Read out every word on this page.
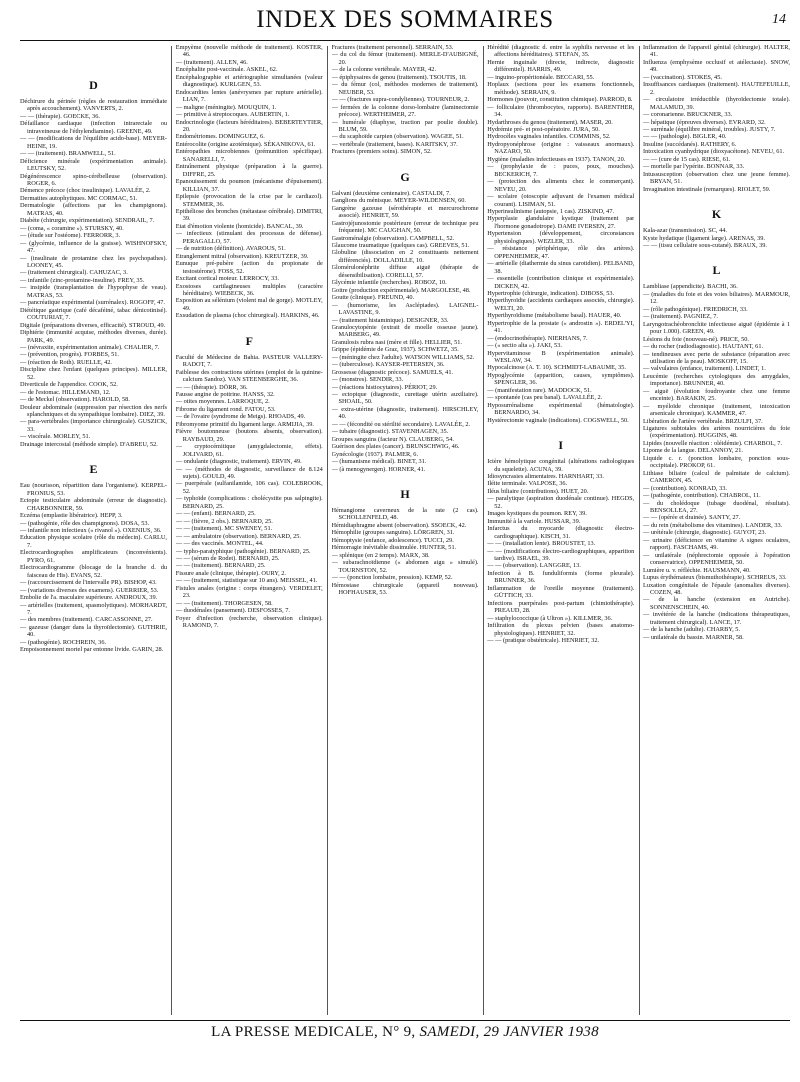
INDEX DES SOMMAIRES	14
D

Déchirure du périnée (règles de restauration immédiate après accouchement). VANVERTS, 2.

— — (thérapie). GOECKE, 36.

Défaillance cardiaque (infection intrarectale ou intraveineuse de l'éthylendiamine). GREENE, 49.

— — (modifications de l'équilibre acido-base). MEYER-HEINE, 19.

— — (traitement). BRAMWELL, 51.

Déficience minérale (expérimentation animale). LEUTSKY, 52.

Dégénérescence spino-cérébelleuse (observation). ROGER, 6.

Démence précoce (choc insulinique). LAVALÉE, 2.

Dermatites autophytiques. MC CORMAC, 51.

Dermatologie (affections par les champignons). MATRAS, 40.

Diabète (chirurgie, expérimentation). SENDRAIL, 7.

— (coma, « coramine »). STURSKY, 40.

— (étude sur l'ostéome). FERRORR, 3.

— (glycémie, influence de la graisse). WISHNOFSKY, 47.

— (insulinate de protamine chez les psychopathes). LOONEY, 45.

— (traitement chirurgical). CAHUZAC, 3.

— infantile (zinc-protamine-insuline). FREY, 35.

— insipide (transplantation de l'hypophyse de veau). MATRAS, 53.

— pancréatique expérimental (surrénalex). ROGOFF, 47.

Diététique gastrique (café décaféiné, tabac dénicotinisé). COUTURIAT, 7.

Digitale (préparations diverses, efficacité). STROUD, 49.

Diphtérie (immunité acquise, méthodes diverses, durée). PARK, 49.

— (névraxite, expérimentation animale). CHALIER, 7.

— (prévention, progrès). FORBES, 51.

— (réaction de Roth). RUELLE, 42.

Discipline chez l'enfant (quelques principes). MILLER, 52.

Diverticule de l'appendice. COOK, 52.

— de l'estomac. HILLEMAND, 12.

— de Meckel (observation). HAROLD, 58.

Douleur abdominale (suppression par résection des nerfs splanchniques et du sympathique lombaire). DIEZ, 39.

— para-vertébrales (importance chirurgicale). GUSZICK, 33.

— viscérale. MORLEY, 51.

Drainage intercostal (méthode simple). D'ABREU, 52.

E

Eau (nourisson, répartition dans l'organisme). KERPEL-FRONIUS, 53.

Ectopie testiculaire abdominale (erreur de diagnostic). CHARBONNIER, 59.

Eczéma (emplastie libératrice). HEPP, 3.

— (pathogénie, rôle des champignons). DOSA, 53.

— infantile non infectieux (« rivanol »). OXENIUS, 36.

Education physique scolaire (rôle du médecin). CARLU, 7.

Electrocardiographes amplificateurs (inconvénients). PYRO, 61.

Electrocardiogramme (blocage de la branche d. du faisceau de His). EVANS, 52.

— (raccourcissement de l'intervalle PR). BISHOP, 43.

— (variations diverses des examens). GUERRIER, 53.

Embolie de l'a. maculaire supérieure. ANDROUX, 39.

— artérielles (traitement, spasmolytiques). MORHARDT, 7.

— des membres (traitement). CARCASSONNE, 27.

— gazeuse (danger dans la thyroïdectomie). GUTHRIE, 40.

— (pathogénie). ROCHREIN, 36.

Empoisonnement mortel par entonne livide. GARIN, 28.

Empyème (nouvelle méthode de traitement). KOSTER, 46.

— (traitement). ALLEN, 46.

Encéphalite post-vaccinale. ASKEL, 62.

Encéphalographie et artériographie simultanées (valeur diagnostique). KURLGEN, 53.

Endocardites lentes (anévrysmes par rupture artérielle). LIAN, 7.

— maligne (méningite). MOUQUIN, 1.

— primitive à streptocoques. AUBERTIN, 1.

Endocrinologie (facteurs héréditaires). BEBERTEYTIER, 20.

Endométriomes. DOMINGUEZ, 6.

Entérocolite (origine azotémique). SÉKANIKOVA, 61.

Entéropathies microbiennes (prémunition spécifique). SANARELLI, 7.

Entraînement physique (préparation à la guerre). DIFFRE, 25.

Epanouissement du poumon (mécanisme d'épuisement). KILLIAN, 37.

Epilepsie (provocation de la crise par le cardiazol). STEMMER, 36.

Epithéliose des bronches (métastase cérébrale). DIMITRI, 39.

Etat d'émotion violente (homicide). BANCAL, 39.

— infectieux (stimulant des processus de défense). PERAGALLO, 57.

— de nutrition (définition). AVAROUS, 51.

Etranglement mitral (observation). KREUTZER, 39.

Eunuque pré-pubère (action du propionate de testostérone). FOSS, 52.

Excitant cortical moteur. LERROCY, 33.

Exostoses cartilagineuses multiples (caractère héréditaire). WIEBECK, 36.

Exposition au sélénium (violent mal de gorge). MOTLEY, 49.

Exsudation de plasma (choc chirurgical). HARKINS, 46.

F

Faculté de Médecine de Bahia. PASTEUR VALLERY-RADOT, 7.

Faiblesse des contractions utérines (emploi de la quinine-calcium Sandoz). VAN STEENBERGHE, 36.

— — (thérapie). DÖRR, 36.

Fausse angine de poitrine. HANSS, 32.

— otites moyennes. LARROQUE, 2.

Fibrome du ligament rond. FATOU, 53.

— de l'ovaire (syndrome de Meigs). RHOADS, 49.

Fibromyome primitif du ligament large. ARMIJIA, 39.

Fièvre boutonneuse (boutons absents, observation). RAYBAUD, 29.

— cryptocémitique (amygdalectomie, effets). JOLIVARD, 61.

— ondulante (diagnostic, traitement). ERVIN, 49.

— — (méthodes de diagnostic, surveillance de 8.124 sujets). GOULD, 49.

— puerpérale (sulfanilamide, 106 cas). COLEBROOK, 52.

— typhoïde (complications : cholécystite pus salpingite). BERNARD, 25.

— — (enfant). BERNARD, 25.

— — (fièvre, 2 obs.). BERNARD, 25.

— — (traitement). MC SWENEY, 51.

— — ambulatoire (observation). BERNARD, 25.

— — des vaccinés. MONTEL, 44.

— typho-paratyphique (pathogénie). BERNARD, 25.

— — (sérum de Rodet). BERNARD, 25.

— — (traitement). BERNARD, 25.

Fissure anale (clinique, thérapie). OURY, 2.

— — (traitement, statistique sur 10 ans). MEISSEL, 41.

Fistules anales (origine : corps étrangers). VERDELET, 23.

— — (traitement). THORGESEN, 58.

— duodénales (pansement). DESFOSSES, 7.

Foyer d'infection (recherche, observation clinique). RAMOND, 7.

Fractures (traitement personnel). SERRAIN, 53.

— du col du fémur (traitement). MERLE-D'AUBIGNÉ, 20.

— de la colonne vertébrale. MAYER, 42.

— épiphysaires de genou (traitement). TSOUTIS, 18.

— du fémur (col, méthodes modernes de traitement). NEUBER, 53.

— — (fractures supra-condyliennes). TOURNEUR, 2.

— fermées de la colonne dorso-lombaire (laminectomie précoce). WERTHEIMER, 27.

— humérale (diaphyse, traction par poulie double). BLUM, 59.

— du scaphoïde carpien (observation). WAGEE, 51.

— vertébrale (traitement, bases). KARITSKY, 37.

Fractures (premiers soins). SIMON, 52.

G

Galvani (deuxième centenaire). CASTALDI, 7.

Ganglions du ménisque. MEYER-WILDENSEN, 60.

Gangrène gazeuse (sérothérapie et mercurochrome associé). HENRIET, 59.

Gastrojéjunostomie postérieure (erreur de technique peu fréquente). MC CAUGHAN, 50.

Gastroménalgie (observation). CAMPBELL, 52.

Glaucome traumatique (quelques cas). GREEVES, 51.

Globuline (dissociation en 2 constituants nettement différenciés). DOLLADILLE, 10.

Glomérulonéphrite diffuse aiguë (thérapie de désensibilisation). CORELLI, 57.

Glycémie infantile (recherches). ROBOZ, 10.

Goitre (production expérimentale). MARGOLESE, 48.

Goutte (clinique). FREUND, 40.

— (humorisme, les Asclépiades). LAIGNEL-LAVASTINE, 9.

— (traitement histaminique). DESIGNER, 33.

Granulocytopénie (extrait de moelle osseuse jaune). MARBERG, 49.

Granulosis rubra nasi (mère et fille). HELLIER, 51.

Grippe (épidémie de Graz, 1937). SCHWETZ, 35.

— (méningite chez l'adulte). WATSON WILLIAMS, 52.

— (tuberculose). KAYSER-PETERSEN, 36.

Grossesse (diagnostic précoce). SAMUELS, 41.

— (monstres). SENDIR, 33.

— (réactions histiocytaires). PÉRIOT, 29.

— ectopique (diagnostic, curettage utérin auxiliaire). SHOAIL, 50.

— extra-utérine (diagnostic, traitement). HIRSCHLEY, 40.

— — (fécondité ou stérilité secondaire). LAVALÉE, 2.

— tubaire (diagnostic). STAVENHAGEN, 35.

Groupes sanguins (facteur N). CLAUBERG, 54.

Guérison des plaies (cancer). BRUNSCHWIG, 46.

Gynécologie (1937). PALMER, 6.

— (humanisme médical). BINET, 31.

— (à menogynergen). HORNER, 41.

H

Hémangiome caverneux de la rate (2 cas). SCHOLLENFELD, 48.

Hémidiaphragme absent (observation). SSOECK, 42.

Hémophilie (groupes sanguins). LÖRGREN, 31.

Hémoptysie (enfance, adolescence). TUCCI, 29.

Hémorragie inévitable dissimulée. HUNTER, 51.

— splénique (en 2 temps). MARX, 38.

— subarachnoïdienne (« abdomen aigu » simulé). TOURNSTON, 52.

— — (ponction lombaire, pression). KEMP, 52.

Hémostase chirurgicale (appareil nouveau). HOFHAUSER, 53.

Hérédité (diagnostic d. entre la syphilis nerveuse et les affections héréditaires). STEFAN, 35.

Hernie inguinale (directe, indirecte, diagnostic différentiel). HARRIS, 49.

— inguino-propéritonéale. BECCARI, 55.

Hoplaux (sections pour les examens fonctionnels, méthode). SERRAIN, 9.

Hormones (pouvoir, constitution chimique). PARROD, 8.

— folliculaire (thrombocytes, rapports). BARENTHER, 34.

Hydarthroses du genou (traitement). MASER, 20.

Hydrémie pré- et post-opératoire. JURA, 50.

Hydrocèles vaginales infantiles. COMMINS, 52.

Hydropyonéphrose (origine : vaisseaux anormaux). NAZARO, 50.

Hygiène (maladies infectieuses en 1937). TANON, 20.

— (prophylaxie de : puces, poux, mouches). BECKERICH, 7.

— (protection des aliments chez le commerçant). NEVEU, 20.

— scolaire (otoscopie adjuvant de l'examen médical courant). LISIMAN, 51.

Hyperinsulinisme (autopsie, 1 cas). ZISKIND, 47.

Hyperplasie glandulaire kystique (traitement par l'hormone gonadotrope). DAME IVERSEN, 27.

Hypertension (développement, circonstances physiologiques). WEZLER, 33.

— résistance périphérique, rôle des artères). OPPENHEIMER, 47.

— artérielle (diathermie du sinus carotidien). PELBAND, 38.

— essentielle (contribution clinique et expérimentale). DICKEN, 42.

Hypertrophie (chirurgie, indication). DIBOSS, 53.

Hyperthyroïdie (accidents cardiaques associés, chirurgie). WELTI, 20.

Hyperthyroïdisme (métabolisme basal). HAUER, 40.

Hypertrophie de la prostate (« androstin »). ERDEL'YI, 41.

— (endocrinothérapie). NIERHANS, 7.

— (« sectio alta »). JAKI, 53.

Hypervitaminose B (expérimentation animale). WESLAW, 34.

Hypocalcinose (A. T. 10). SCHMIDT-LABAUME, 35.

Hypoglycémie (apparition, causes, symptômes). SPENGLER, 36.

— (manifestation rare). MADDOCK, 51.

— spontanée (cas peu banal). LAVALLÉE, 2.

Hyposurrénalisme expérimental (hématologie). BERNARDO, 34.

Hystérectomie vaginale (indications). COGSWELL, 50.

I

Ictère hémolytique congénital (altérations radiologiques du squelette). ACUNA, 39.

Idiosyncrasies alimentaires. HARNHART, 33.

Iléite terminale. VALPOSE, 36.

Iléus biliaire (contributions). HUET, 20.

— paralytique (aspiration duodénale continue). HEGDS, 52.

Images kystiques du poumon. REY, 39.

Immunité à la variole. HUSSAR, 39.

Infarctus du myocarde (diagnostic électro-cardiographique). KISCH, 31.

— — (installation lente). BROUSTET, 13.

— — (modifications électro-cardiographiques, apparition tardive). ISRAEL, 39.

— — (observation). LANGGRE, 13.

Infection à B. funduliformis (forme pleurale). BRUNNER, 36.

Inflammation de l'oreille moyenne (traitement). GÜTTICH, 33.

Infections puerpérales post-partum (chimiothérapie). PREAUD, 28.

— staphylococcique (à Ultron »). KILLMER, 36.

Infiltration du plexus pelvien (bases anatomo-physiologiques). HENRIET, 32.

— — (pratique obstétricale). HENRIET, 32.

Inflammation de l'appareil génital (chirurgie). HALTER, 41.

Influenza (emphysème occlusif et atélectasie). SNOW, 49.

— (vaccination). STOKES, 45.

Insuffisances cardiaques (traitement). HAUTEFEUILLE, 2.

— circulatoire irréductible (thyroïdectomie totale). MALAMUD, 39.

— coronarienne. BRUCKNER, 33.

— hépatique (épreuves diverses). EVRARD, 32.

— surrénale (équilibre minéral, troubles). JUSTY, 7.

— — (pathologie). BIGLER, 40.

Insuline (succédanés). RATHERY, 6.

Intoxication cyanhydrique (dioxyacétone). NEVEU, 61.

— — (cure de 15 cas). RIESE, 61.

— mortelle par l'ypérite. BONNAR, 33.

Intussusception (observation chez une jeune femme). BRYAN, 51.

Invagination intestinale (remarques). RIOLET, 59.

K

Kala-azar (transmission). SC, 44.

Kyste hydatique (ligament large). ARENAS, 39.

— — (tissu cellulaire sous-cutané). BRAUX, 39.

L

Lambliase (appendicite). BACHI, 36.

— (maladies du foie et des voies biliaires). MARMOUR, 12.

— (rôle pathogénique). FRIEDRICH, 33.

— (traitement). PAGNIEZ, 7.

Laryngotrachéobronchite infectieuse aiguë (épidémie à 1 pour 1.000). GREEN, 49.

Lésions du foie (nouveau-né). PRICE, 50.

— du rocher (radiodiagnostic). HAUTANT, 61.

— tendineuses avec perte de substance (réparation avec utilisation de la peau). MOSKOFF, 15.

— valvulaires (enfance, traitement). LINDET, 1.

Leucémie (recherches cytologiques des amygdales, importance). BRUNNER, 40.

— aiguë (évolution foudroyante chez une femme enceinte). BARAKIN, 25.

— myéloïde chronique (traitement, intoxication arsenicale chronique). KAMMER, 47.

Libération de l'artère vertébrale. BRZULFI, 37.

Ligatures subtotales des artères nourricières du foie (expérimentation). HUGGINS, 48.

Lipides (nouvelle réaction : oléidémie). CHARBOL, 7.

Lipome de la langue. DELANNOY, 21.

Liquide c. r. (ponction lombaire, ponction sous-occipitale). PROKOP, 61.

Lithiase biliaire (calcul de palmitate de calcium). CAMERON, 45.

— (contribution). KONRAD, 33.

— (pathogénie, contribution). CHABROL, 11.

— du cholédoque (tubage duodénal, résultats). BENSOLLEA, 27.

— — (opérée et drainée). SANTY, 27.

— du rein (métabolisme des vitamines). LANDER, 33.

— urétérale (chirurgie, diagnostic). GUYOT, 23.

— urinaire (déficience en vitamine A signes oculaires, rapport). FASCHAMS, 49.

— unilatérale (néphrectomie opposée à l'opération conservatrice). OPPENHEIMER, 50.

Lumière u. v. réfléchie. HAUSMANN, 40.

Lupus érythémateux (bismuthothérapie). SCHREUS, 33.

Luxation congénitale de l'épaule (anomalies diverses). COZEN, 48.

— de la hanche (extension en Autriche). SONNENSCHEIN, 40.

— invétérée de la hanche (indications thérapeutiques, traitement chirurgical). LANCE, 17.

— de la hanche (adulte). CHARBY, 5.

— unilatérale du bassin. MARNER, 58.

LA PRESSE MEDICALE, N° 9, SAMEDI, 29 JANVIER 1938
